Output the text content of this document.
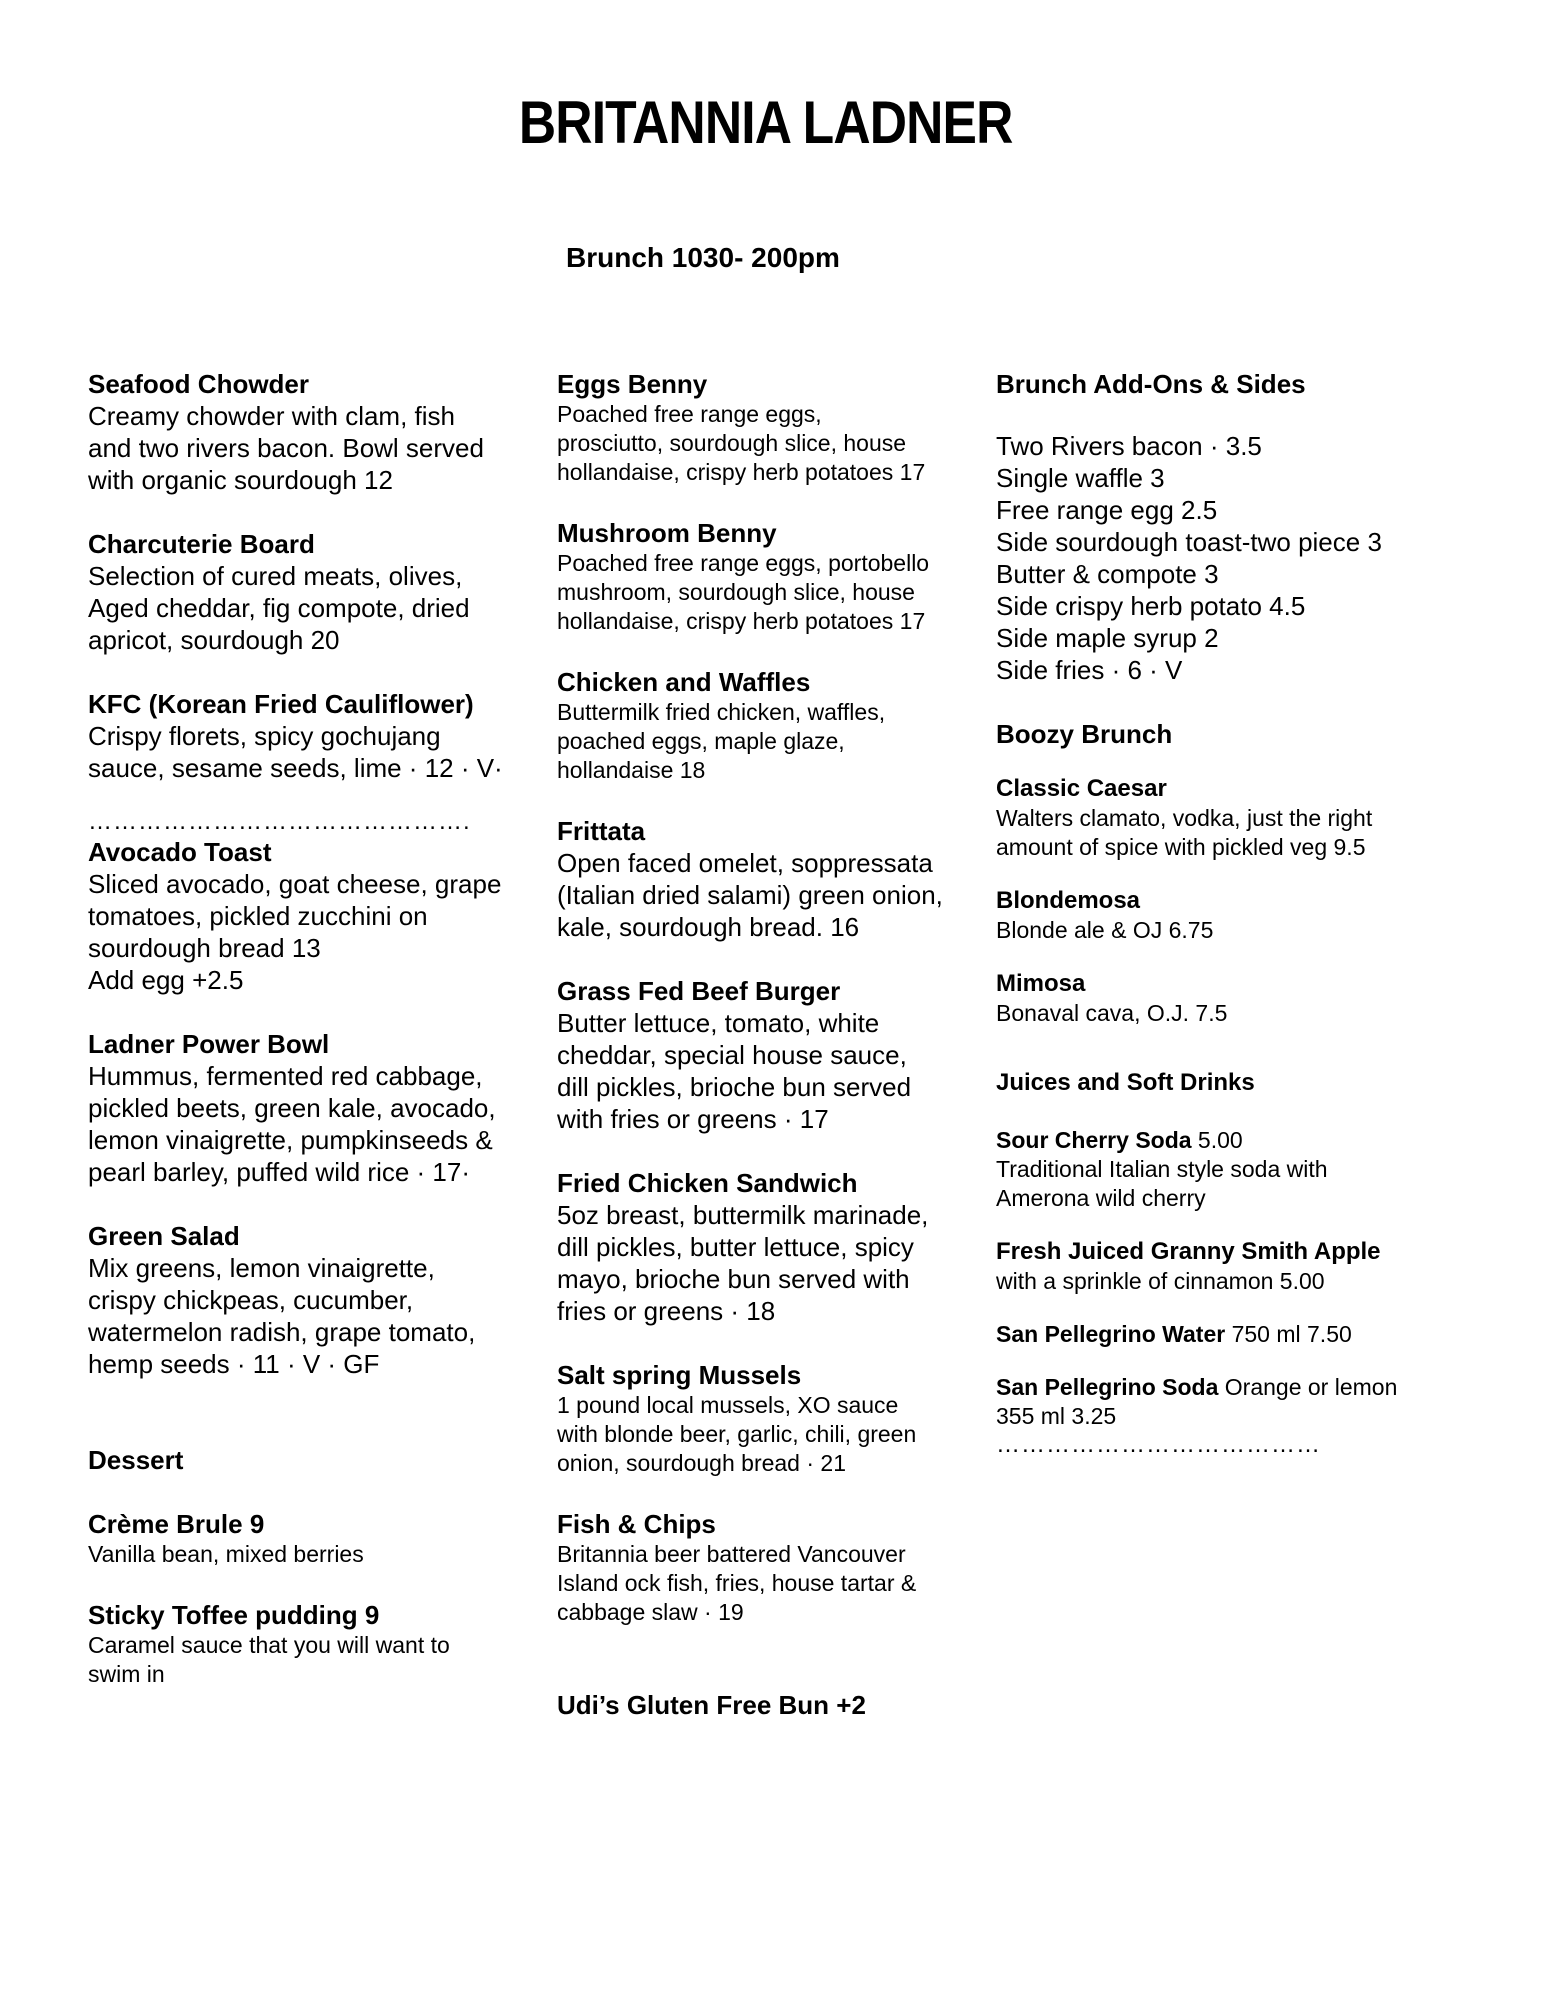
BRITANNIA LADNER
Brunch 1030- 200pm
Seafood Chowder
Creamy chowder with clam, fish
and two rivers bacon. Bowl served
with organic sourdough 12
Charcuterie Board
Selection of cured meats, olives,
Aged cheddar, fig compote, dried
apricot, sourdough 20
KFC (Korean Fried Cauliflower)
Crispy florets, spicy gochujang
sauce, sesame seeds, lime · 12 · V·
……………………………………….
Avocado Toast
Sliced avocado, goat cheese, grape
tomatoes, pickled zucchini on
sourdough bread 13
Add egg +2.5
Ladner Power Bowl
Hummus, fermented red cabbage,
pickled beets, green kale, avocado,
lemon vinaigrette, pumpkinseeds &
pearl barley, puffed wild rice · 17·
Green Salad
Mix greens, lemon vinaigrette,
crispy chickpeas, cucumber,
watermelon radish, grape tomato,
hemp seeds · 11 · V · GF
Dessert
Crème Brule 9
Vanilla bean, mixed berries
Sticky Toffee pudding 9
Caramel sauce that you will want to
swim in
Eggs Benny
Poached free range eggs,
prosciutto, sourdough slice, house
hollandaise, crispy herb potatoes 17
Mushroom Benny
Poached free range eggs, portobello
mushroom, sourdough slice, house
hollandaise, crispy herb potatoes 17
Chicken and Waffles
Buttermilk fried chicken, waffles,
poached eggs, maple glaze,
hollandaise 18
Frittata
Open faced omelet, soppressata
(Italian dried salami) green onion,
kale, sourdough bread. 16
Grass Fed Beef Burger
Butter lettuce, tomato, white
cheddar, special house sauce,
dill pickles, brioche bun served
with fries or greens · 17
Fried Chicken Sandwich
5oz breast, buttermilk marinade,
dill pickles, butter lettuce, spicy
mayo, brioche bun served with
fries or greens · 18
Salt spring Mussels
1 pound local mussels, XO sauce
with blonde beer, garlic, chili, green
onion, sourdough bread · 21
Fish & Chips
Britannia beer battered Vancouver
Island ock fish, fries, house tartar &
cabbage slaw · 19
Udi’s Gluten Free Bun +2
Brunch Add-Ons & Sides
Two Rivers bacon · 3.5
Single waffle 3
Free range egg 2.5
Side sourdough toast-two piece 3
Butter & compote 3
Side crispy herb potato 4.5
Side maple syrup 2
Side fries · 6 · V
Boozy Brunch
Classic Caesar
Walters clamato, vodka, just the right
amount of spice with pickled veg 9.5
Blondemosa
Blonde ale & OJ 6.75
Mimosa
Bonaval cava, O.J. 7.5
Juices and Soft Drinks
Sour Cherry Soda 5.00
Traditional Italian style soda with
Amerona wild cherry
Fresh Juiced Granny Smith Apple
with a sprinkle of cinnamon 5.00
San Pellegrino Water 750 ml 7.50
San Pellegrino Soda Orange or lemon
355 ml 3.25
…………………………………
